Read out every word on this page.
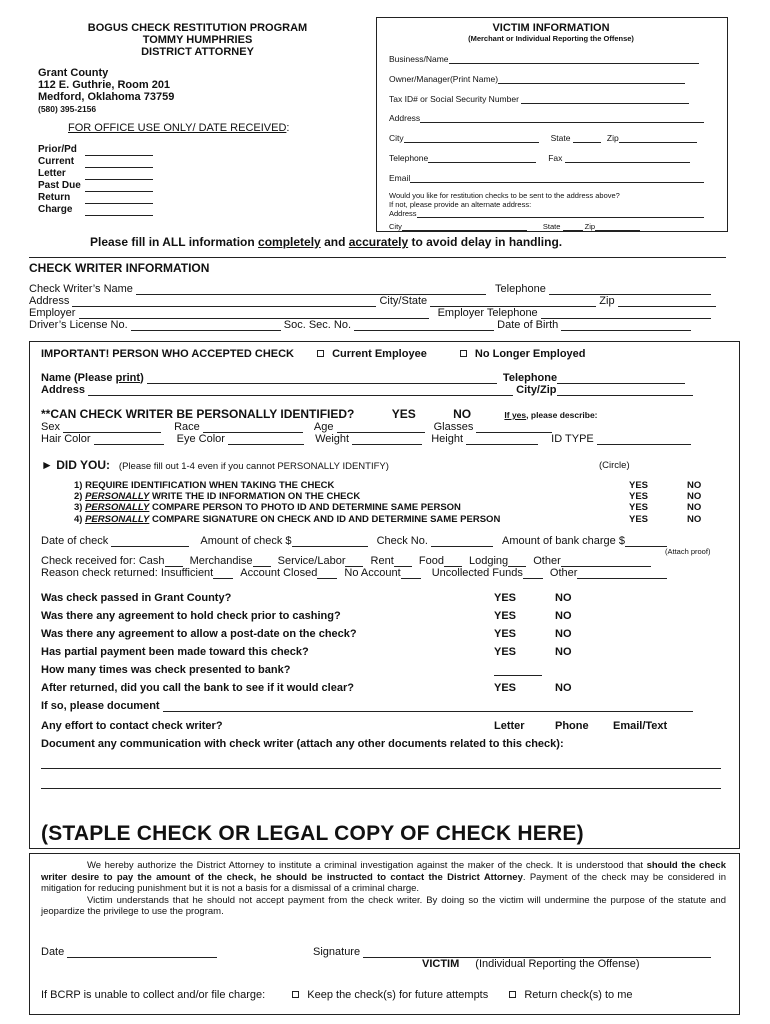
BOGUS CHECK RESTITUTION PROGRAM
TOMMY HUMPHRIES
DISTRICT ATTORNEY
Grant County
112 E. Guthrie, Room 201
Medford, Oklahoma 73759
(580) 395-2156
FOR OFFICE USE ONLY/ DATE RECEIVED:
Prior/Pd
Current
Letter
Past Due
Return
Charge
VICTIM INFORMATION
(Merchant or Individual Reporting the Offense)
Business/Name
Owner/Manager(Print Name)
Tax ID# or Social Security Number
Address
City	State	Zip
Telephone	Fax
Email
Would you like for restitution checks to be sent to the address above?
If not, please provide an alternate address:
Address
City	State	Zip
Please fill in ALL information completely and accurately to avoid delay in handling.
CHECK WRITER INFORMATION
Check Writer’s Name	Telephone
Address	City/State	Zip
Employer	Employer Telephone
Driver’s License No.	Soc. Sec. No.	Date of Birth
IMPORTANT! PERSON WHO ACCEPTED CHECK	Current Employee	No Longer Employed
Name (Please print)	Telephone
Address	City/Zip
**CAN CHECK WRITER BE PERSONALLY IDENTIFIED?	YES	NO	If yes, please describe:
Sex	Race	Age	Glasses
Hair Color	Eye Color	Weight	Height	ID TYPE
► DID YOU: (Please fill out 1-4 even if you cannot PERSONALLY IDENTIFY)	(Circle)
1) REQUIRE IDENTIFICATION WHEN TAKING THE CHECK	YES	NO
2) PERSONALLY WRITE THE ID INFORMATION ON THE CHECK	YES	NO
3) PERSONALLY COMPARE PERSON TO PHOTO ID AND DETERMINE SAME PERSON	YES	NO
4) PERSONALLY COMPARE SIGNATURE ON CHECK AND ID AND DETERMINE SAME PERSON	YES	NO
Date of check	Amount of check $	Check No.	Amount of bank charge $
(Attach proof)
Check received for: Cash Merchandise Service/Labor Rent Food Lodging Other
Reason check returned: Insufficient Account Closed No Account	Uncollected Funds Other
Was check passed in Grant County?	YES	NO
Was there any agreement to hold check prior to cashing?	YES	NO
Was there any agreement to allow a post-date on the check?	YES	NO
Has partial payment been made toward this check?	YES	NO
How many times was check presented to bank?
After returned, did you call the bank to see if it would clear?	YES	NO
If so, please document
Any effort to contact check writer?	Letter	Phone Email/Text
Document any communication with check writer (attach any other documents related to this check):
(STAPLE CHECK OR LEGAL COPY OF CHECK HERE)
We hereby authorize the District Attorney to institute a criminal investigation against the maker of the check. It is understood that should the check writer desire to pay the amount of the check, he should be instructed to contact the District Attorney. Payment of the check may be considered in mitigation for reducing punishment but it is not a basis for a dismissal of a criminal charge.
Victim understands that he should not accept payment from the check writer. By doing so the victim will undermine the purpose of the statute and jeopardize the privilege to use the program.
Date	Signature
VICTIM (Individual Reporting the Offense)
If BCRP is unable to collect and/or file charge:	Keep the check(s) for future attempts	Return check(s) to me
